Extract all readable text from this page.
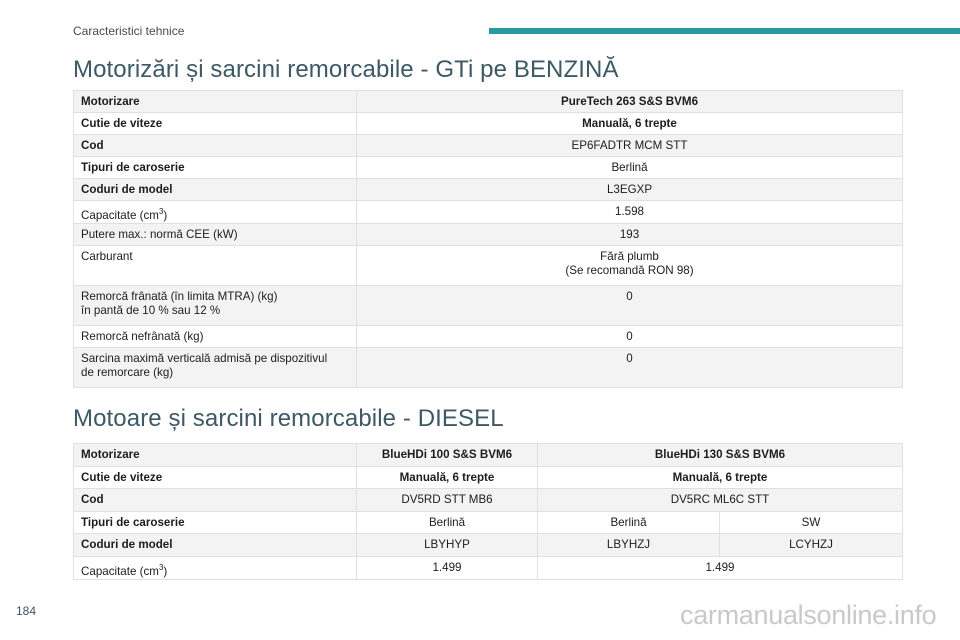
Caracteristici tehnice
Motorizări și sarcini remorcabile - GTi pe BENZINĂ
Motorizare	PureTech 263 S&S BVM6
Cutie de viteze	Manuală, 6 trepte
Cod	EP6FADTR MCM STT
Tipuri de caroserie	Berlină
Coduri de model	L3EGXP
Capacitate $(cm^3)$	1.598
Putere max.: normă CEE (kW)	193
Carburant	Fără plumb
(Se recomandă RON 98)

Remorcă frânată (în limita MTRA) (kg)
în pantă de 10 % sau 12 %	0
Remorcă nefrânată (kg)	0

Sarcina maximă verticală admisă pe dispozitivul
de remorcare (kg)	0
Motoare și sarcini remorcabile - DIESEL
Motorizare	BlueHDi 100 S&S BVM6	BlueHDi 130 S&S BVM6	
Cutie de viteze	Manuală, 6 trepte	Manuală, 6 trepte	
Cod	DV5RD STT MB6	DV5RC ML6C STT	
Tipuri de caroserie	Berlină	Berlină	SW
Coduri de model	LBYHYP	LBYHZJ	LCYHZJ
Capacitate $(cm^3)$	1.499	1.499	
184	carmanualsonline.info
